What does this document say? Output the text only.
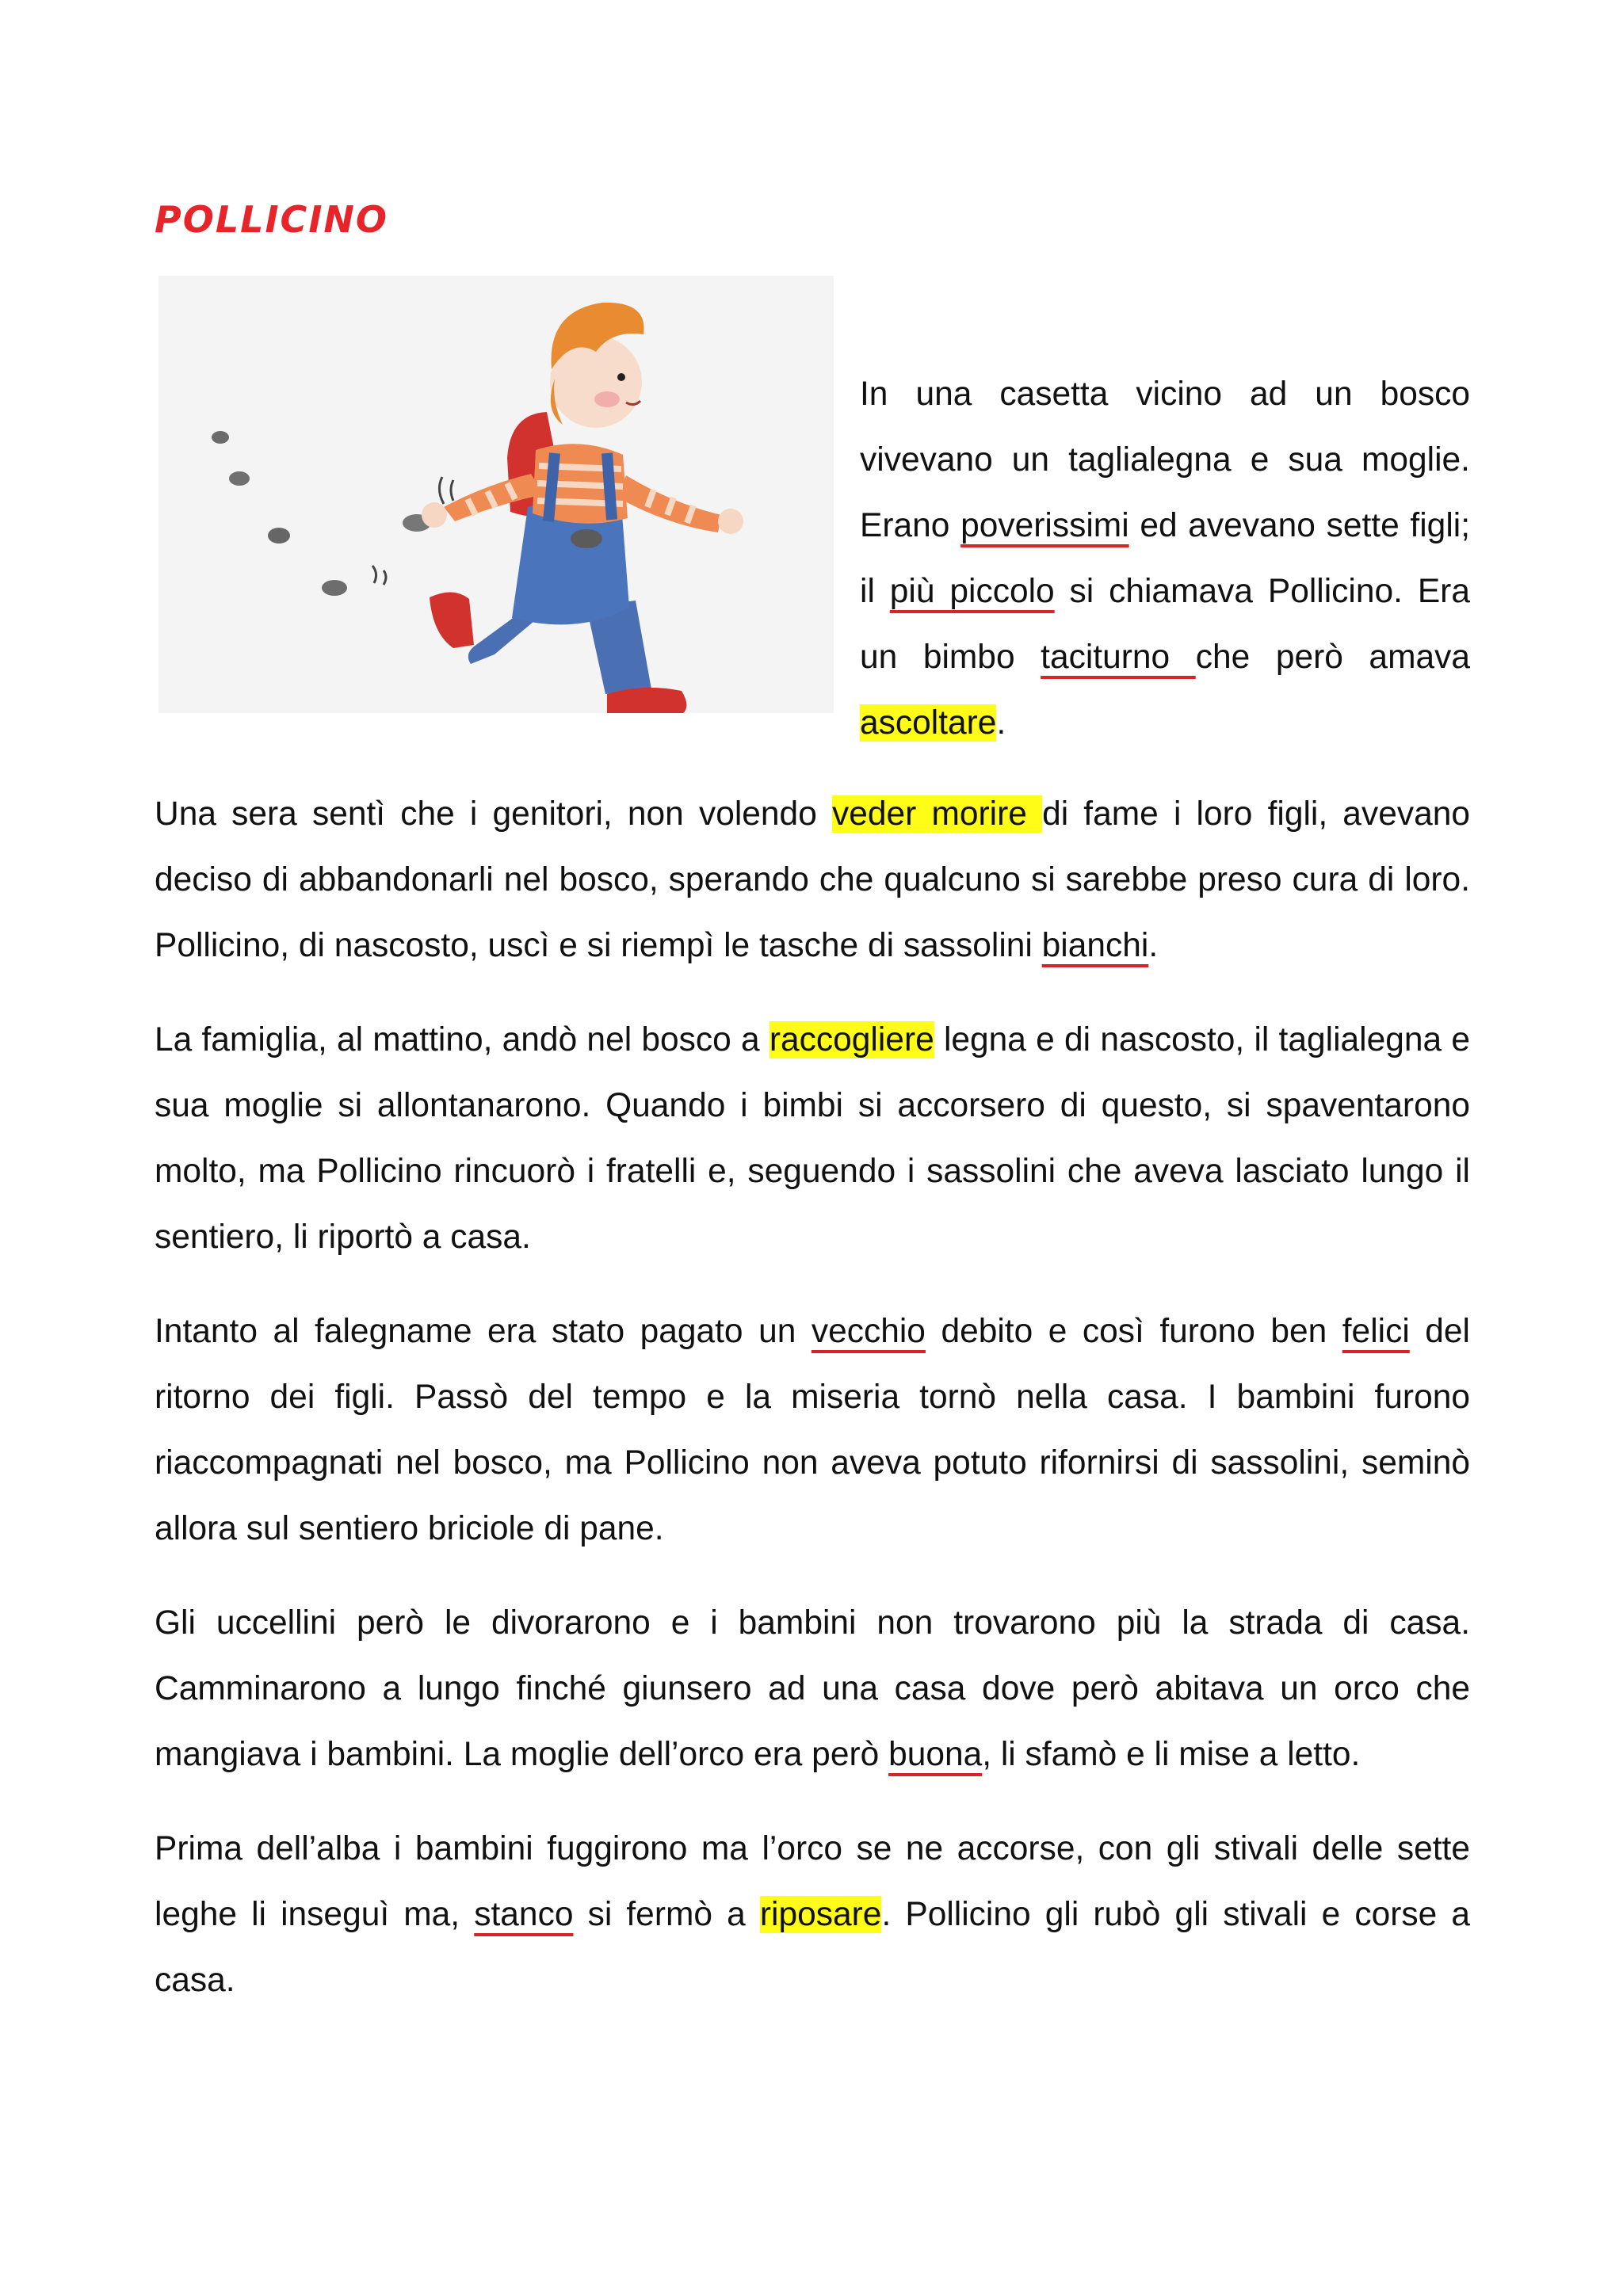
POLLICINO

In una casetta vicino ad un bosco vivevano un taglialegna e sua moglie. Erano poverissimi ed avevano sette figli; il più piccolo si chiamava Pollicino. Era un bimbo taciturno che però amava ascoltare.

Una sera sentì che i genitori, non volendo veder morire di fame i loro figli, avevano deciso di abbandonarli nel bosco, sperando che qualcuno si sarebbe preso cura di loro. Pollicino, di nascosto, uscì e si riempì le tasche di sassolini bianchi.

La famiglia, al mattino, andò nel bosco a raccogliere legna e di nascosto, il taglialegna e sua moglie si allontanarono. Quando i bimbi si accorsero di questo, si spaventarono molto, ma Pollicino rincuorò i fratelli e, seguendo i sassolini che aveva lasciato lungo il sentiero, li riportò a casa.

Intanto al falegname era stato pagato un vecchio debito e così furono ben felici del ritorno dei figli. Passò del tempo e la miseria tornò nella casa. I bambini furono riaccompagnati nel bosco, ma Pollicino non aveva potuto rifornirsi di sassolini, seminò allora sul sentiero briciole di pane.

Gli uccellini però le divorarono e i bambini non trovarono più la strada di casa. Camminarono a lungo finché giunsero ad una casa dove però abitava un orco che mangiava i bambini. La moglie dell’orco era però buona, li sfamò e li mise a letto.

Prima dell’alba i bambini fuggirono ma l’orco se ne accorse, con gli stivali delle sette leghe li inseguì ma, stanco si fermò a riposare. Pollicino gli rubò gli stivali e corse a casa.
